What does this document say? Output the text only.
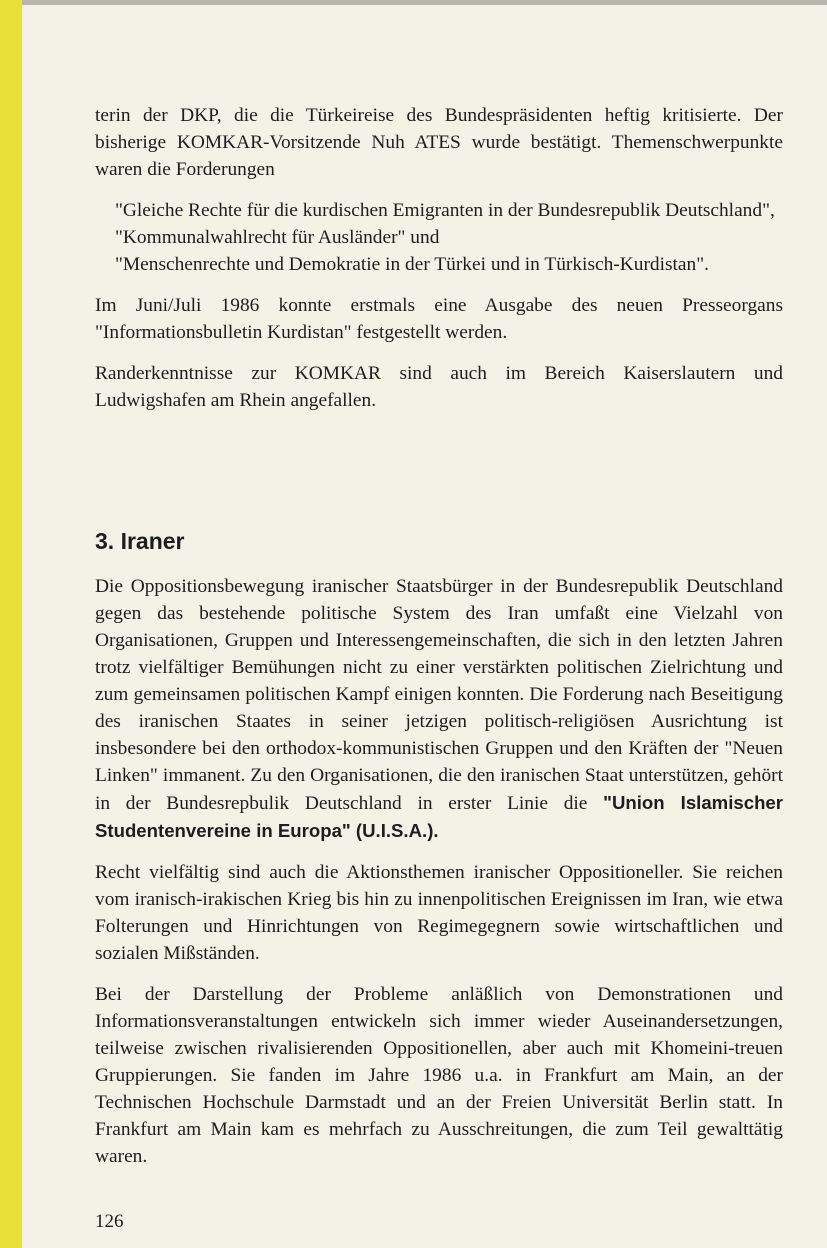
terin der DKP, die die Türkeireise des Bundespräsidenten heftig kritisierte. Der bisherige KOMKAR-Vorsitzende Nuh ATES wurde bestätigt. Themenschwerpunkte waren die Forderungen

"Gleiche Rechte für die kurdischen Emigranten in der Bundesrepublik Deutschland",
"Kommunalwahlrecht für Ausländer" und
"Menschenrechte und Demokratie in der Türkei und in Türkisch-Kurdistan".

Im Juni/Juli 1986 konnte erstmals eine Ausgabe des neuen Presseorgans "Informationsbulletin Kurdistan" festgestellt werden.

Randerkenntnisse zur KOMKAR sind auch im Bereich Kaiserslautern und Ludwigshafen am Rhein angefallen.

3. Iraner

Die Oppositionsbewegung iranischer Staatsbürger in der Bundesrepublik Deutschland gegen das bestehende politische System des Iran umfaßt eine Vielzahl von Organisationen, Gruppen und Interessengemeinschaften, die sich in den letzten Jahren trotz vielfältiger Bemühungen nicht zu einer verstärkten politischen Zielrichtung und zum gemeinsamen politischen Kampf einigen konnten. Die Forderung nach Beseitigung des iranischen Staates in seiner jetzigen politisch-religiösen Ausrichtung ist insbesondere bei den orthodox-kommunistischen Gruppen und den Kräften der "Neuen Linken" immanent. Zu den Organisationen, die den iranischen Staat unterstützen, gehört in der Bundesrepbulik Deutschland in erster Linie die "Union Islamischer Studentenvereine in Europa" (U.I.S.A.).

Recht vielfältig sind auch die Aktionsthemen iranischer Oppositioneller. Sie reichen vom iranisch-irakischen Krieg bis hin zu innenpolitischen Ereignissen im Iran, wie etwa Folterungen und Hinrichtungen von Regimegegnern sowie wirtschaftlichen und sozialen Mißständen.

Bei der Darstellung der Probleme anläßlich von Demonstrationen und Informationsveranstaltungen entwickeln sich immer wieder Auseinandersetzungen, teilweise zwischen rivalisierenden Oppositionellen, aber auch mit Khomeini-treuen Gruppierungen. Sie fanden im Jahre 1986 u.a. in Frankfurt am Main, an der Technischen Hochschule Darmstadt und an der Freien Universität Berlin statt. In Frankfurt am Main kam es mehrfach zu Ausschreitungen, die zum Teil gewalttätig waren.

126
